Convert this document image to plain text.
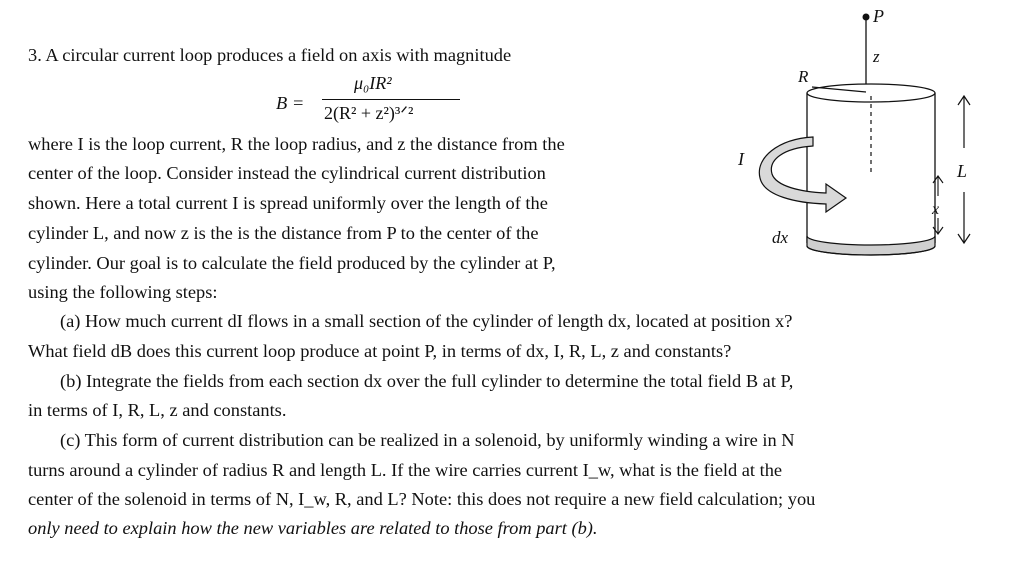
3. A circular current loop produces a field on axis with magnitude
B =
μ₀IR²
2(R² + z²)³ᐟ²
where I is the loop current, R the loop radius, and z the distance from the
center of the loop. Consider instead the cylindrical current distribution
shown. Here a total current I is spread uniformly over the length of the
cylinder L, and now z is the is the distance from P to the center of the
cylinder. Our goal is to calculate the field produced by the cylinder at P,
using the following steps:
(a) How much current dI flows in a small section of the cylinder of length dx, located at position x?
What field dB does this current loop produce at point P, in terms of dx, I, R, L, z and constants?
(b) Integrate the fields from each section dx over the full cylinder to determine the total field B at P,
in terms of I, R, L, z and constants.
(c) This form of current distribution can be realized in a solenoid, by uniformly winding a wire in N
turns around a cylinder of radius R and length L. If the wire carries current I_w, what is the field at the
center of the solenoid in terms of N, I_w, R, and L? Note: this does not require a new field calculation; you
only need to explain how the new variables are related to those from part (b).
P
z
R
dx
I
x
L
